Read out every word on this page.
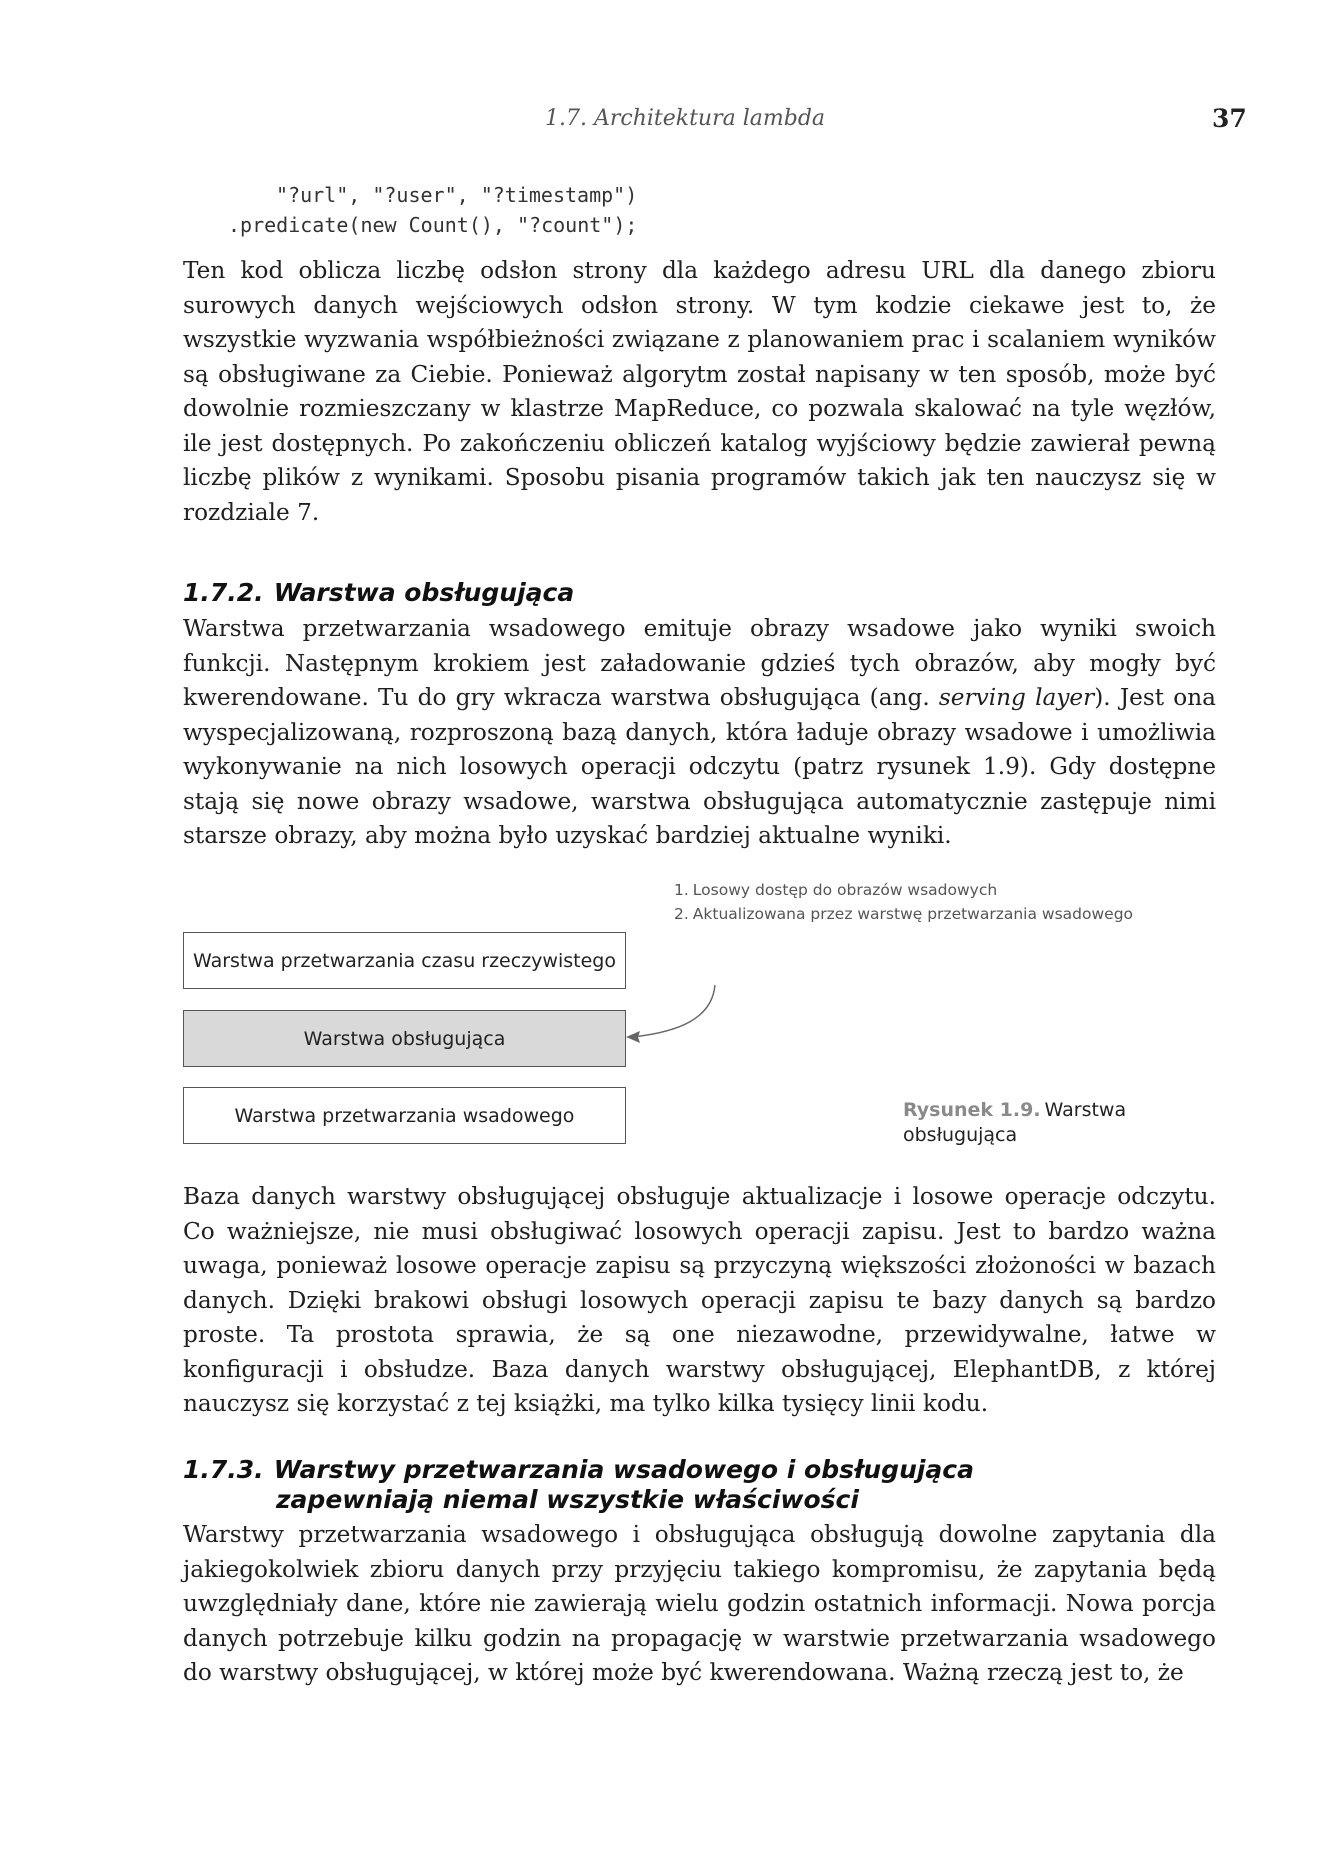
1.7. Architektura lambda	37
"?url", "?user", "?timestamp")
.predicate(new Count(), "?count");

Ten kod oblicza liczbę odsłon strony dla każdego adresu URL dla danego zbioru surowych danych wejściowych odsłon strony. W tym kodzie ciekawe jest to, że wszystkie wyzwania współbieżności związane z planowaniem prac i scalaniem wyników są obsługiwane za Ciebie. Ponieważ algorytm został napisany w ten sposób, może być dowolnie rozmieszczany w klastrze MapReduce, co pozwala skalować na tyle węzłów, ile jest dostępnych. Po zakończeniu obliczeń katalog wyjściowy będzie zawierał pewną liczbę plików z wynikami. Sposobu pisania programów takich jak ten nauczysz się w rozdziale 7.

1.7.2. Warstwa obsługująca

Warstwa przetwarzania wsadowego emituje obrazy wsadowe jako wyniki swoich funkcji. Następnym krokiem jest załadowanie gdzieś tych obrazów, aby mogły być kwerendowane. Tu do gry wkracza warstwa obsługująca (ang. serving layer). Jest ona wyspecjalizowaną, rozproszoną bazą danych, która ładuje obrazy wsadowe i umożliwia wykonywanie na nich losowych operacji odczytu (patrz rysunek 1.9). Gdy dostępne stają się nowe obrazy wsadowe, warstwa obsługująca automatycznie zastępuje nimi starsze obrazy, aby można było uzyskać bardziej aktualne wyniki.

1. Losowy dostęp do obrazów wsadowych
2. Aktualizowana przez warstwę przetwarzania wsadowego
Warstwa przetwarzania czasu rzeczywistego
Warstwa obsługująca
Warstwa przetwarzania wsadowego	Rysunek 1.9. Warstwa obsługująca

Baza danych warstwy obsługującej obsługuje aktualizacje i losowe operacje odczytu. Co ważniejsze, nie musi obsługiwać losowych operacji zapisu. Jest to bardzo ważna uwaga, ponieważ losowe operacje zapisu są przyczyną większości złożoności w bazach danych. Dzięki brakowi obsługi losowych operacji zapisu te bazy danych są bardzo proste. Ta prostota sprawia, że są one niezawodne, przewidywalne, łatwe w konfiguracji i obsłudze. Baza danych warstwy obsługującej, ElephantDB, z której nauczysz się korzystać z tej książki, ma tylko kilka tysięcy linii kodu.

1.7.3. Warstwy przetwarzania wsadowego i obsługująca
zapewniają niemal wszystkie właściwości

Warstwy przetwarzania wsadowego i obsługująca obsługują dowolne zapytania dla jakiegokolwiek zbioru danych przy przyjęciu takiego kompromisu, że zapytania będą uwzględniały dane, które nie zawierają wielu godzin ostatnich informacji. Nowa porcja danych potrzebuje kilku godzin na propagację w warstwie przetwarzania wsadowego do warstwy obsługującej, w której może być kwerendowana. Ważną rzeczą jest to, że
